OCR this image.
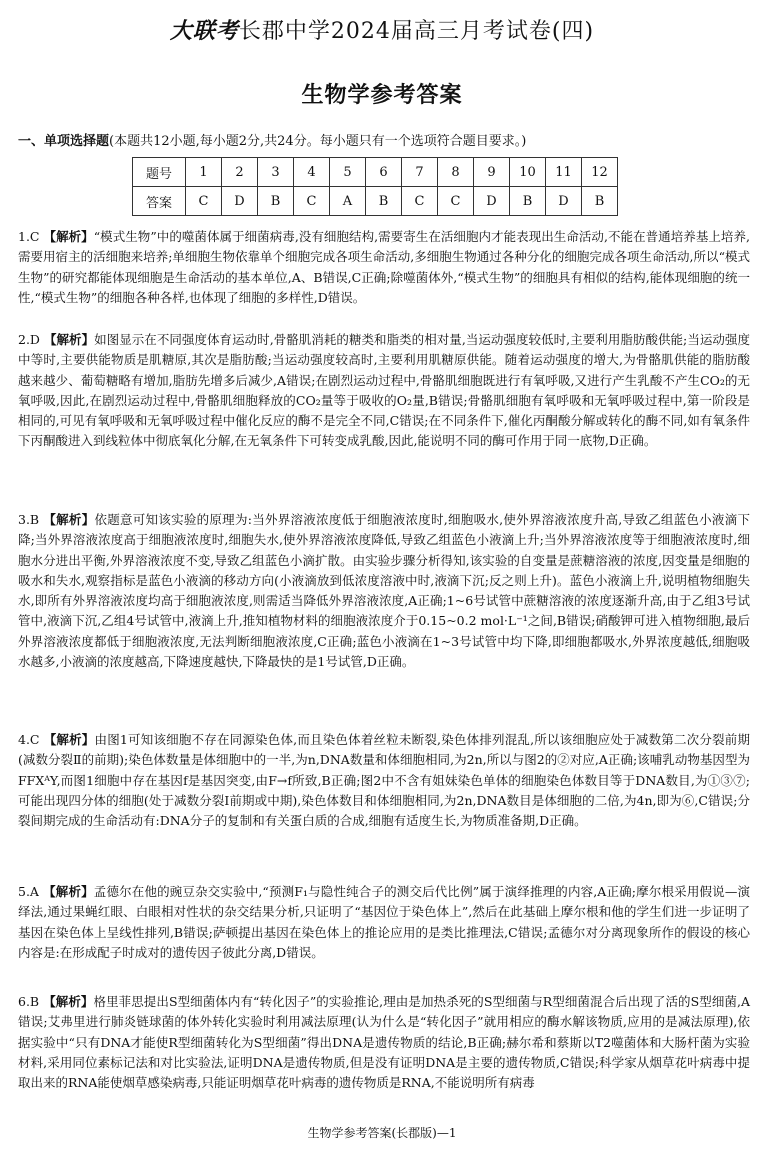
大联考长郡中学2024届高三月考试卷(四)
生物学参考答案
一、单项选择题(本题共12小题,每小题2分,共24分。每小题只有一个选项符合题目要求。)
题号	1	2	3	4	5	6	7	8	9	10	11	12
答案	C	D	B	C	A	B	C	C	D	B	D	B
1.C 【解析】“模式生物”中的噬菌体属于细菌病毒,没有细胞结构,需要寄生在活细胞内才能表现出生命活动,不能在普通培养基上培养,需要用宿主的活细胞来培养;单细胞生物依靠单个细胞完成各项生命活动,多细胞生物通过各种分化的细胞完成各项生命活动,所以“模式生物”的研究都能体现细胞是生命活动的基本单位,A、B错误,C正确;除噬菌体外,“模式生物”的细胞具有相似的结构,能体现细胞的统一性,“模式生物”的细胞各种各样,也体现了细胞的多样性,D错误。
2.D 【解析】如图显示在不同强度体育运动时,骨骼肌消耗的糖类和脂类的相对量,当运动强度较低时,主要利用脂肪酸供能;当运动强度中等时,主要供能物质是肌糖原,其次是脂肪酸;当运动强度较高时,主要利用肌糖原供能。随着运动强度的增大,为骨骼肌供能的脂肪酸越来越少、葡萄糖略有增加,脂肪先增多后减少,A错误;在剧烈运动过程中,骨骼肌细胞既进行有氧呼吸,又进行产生乳酸不产生CO₂的无氧呼吸,因此,在剧烈运动过程中,骨骼肌细胞释放的CO₂量等于吸收的O₂量,B错误;骨骼肌细胞有氧呼吸和无氧呼吸过程中,第一阶段是相同的,可见有氧呼吸和无氧呼吸过程中催化反应的酶不是完全不同,C错误;在不同条件下,催化丙酮酸分解或转化的酶不同,如有氧条件下丙酮酸进入到线粒体中彻底氧化分解,在无氧条件下可转变成乳酸,因此,能说明不同的酶可作用于同一底物,D正确。
3.B 【解析】依题意可知该实验的原理为:当外界溶液浓度低于细胞液浓度时,细胞吸水,使外界溶液浓度升高,导致乙组蓝色小液滴下降;当外界溶液浓度高于细胞液浓度时,细胞失水,使外界溶液浓度降低,导致乙组蓝色小液滴上升;当外界溶液浓度等于细胞液浓度时,细胞水分进出平衡,外界溶液浓度不变,导致乙组蓝色小滴扩散。由实验步骤分析得知,该实验的自变量是蔗糖溶液的浓度,因变量是细胞的吸水和失水,观察指标是蓝色小液滴的移动方向(小液滴放到低浓度溶液中时,液滴下沉;反之则上升)。蓝色小液滴上升,说明植物细胞失水,即所有外界溶液浓度均高于细胞液浓度,则需适当降低外界溶液浓度,A正确;1~6号试管中蔗糖溶液的浓度逐渐升高,由于乙组3号试管中,液滴下沉,乙组4号试管中,液滴上升,推知植物材料的细胞液浓度介于0.15~0.2 mol·L⁻¹之间,B错误;硝酸钾可进入植物细胞,最后外界溶液浓度都低于细胞液浓度,无法判断细胞液浓度,C正确;蓝色小液滴在1~3号试管中均下降,即细胞都吸水,外界浓度越低,细胞吸水越多,小液滴的浓度越高,下降速度越快,下降最快的是1号试管,D正确。
4.C 【解析】由图1可知该细胞不存在同源染色体,而且染色体着丝粒未断裂,染色体排列混乱,所以该细胞应处于减数第二次分裂前期(减数分裂Ⅱ的前期);染色体数量是体细胞中的一半,为n,DNA数量和体细胞相同,为2n,所以与图2的②对应,A正确;该哺乳动物基因型为FFXᴬY,而图1细胞中存在基因f是基因突变,由F→f所致,B正确;图2中不含有姐妹染色单体的细胞染色体数目等于DNA数目,为①③⑦;可能出现四分体的细胞(处于减数分裂Ⅰ前期或中期),染色体数目和体细胞相同,为2n,DNA数目是体细胞的二倍,为4n,即为⑥,C错误;分裂间期完成的生命活动有:DNA分子的复制和有关蛋白质的合成,细胞有适度生长,为物质准备期,D正确。
5.A 【解析】孟德尔在他的豌豆杂交实验中,“预测F₁与隐性纯合子的测交后代比例”属于演绎推理的内容,A正确;摩尔根采用假说—演绎法,通过果蝇红眼、白眼相对性状的杂交结果分析,只证明了“基因位于染色体上”,然后在此基础上摩尔根和他的学生们进一步证明了基因在染色体上呈线性排列,B错误;萨顿提出基因在染色体上的推论应用的是类比推理法,C错误;孟德尔对分离现象所作的假设的核心内容是:在形成配子时成对的遗传因子彼此分离,D错误。
6.B 【解析】格里菲思提出S型细菌体内有“转化因子”的实验推论,理由是加热杀死的S型细菌与R型细菌混合后出现了活的S型细菌,A错误;艾弗里进行肺炎链球菌的体外转化实验时利用减法原理(认为什么是“转化因子”就用相应的酶水解该物质,应用的是减法原理),依据实验中“只有DNA才能使R型细菌转化为S型细菌”得出DNA是遗传物质的结论,B正确;赫尔希和蔡斯以T2噬菌体和大肠杆菌为实验材料,采用同位素标记法和对比实验法,证明DNA是遗传物质,但是没有证明DNA是主要的遗传物质,C错误;科学家从烟草花叶病毒中提取出来的RNA能使烟草感染病毒,只能证明烟草花叶病毒的遗传物质是RNA,不能说明所有病毒
生物学参考答案(长郡版)—1
